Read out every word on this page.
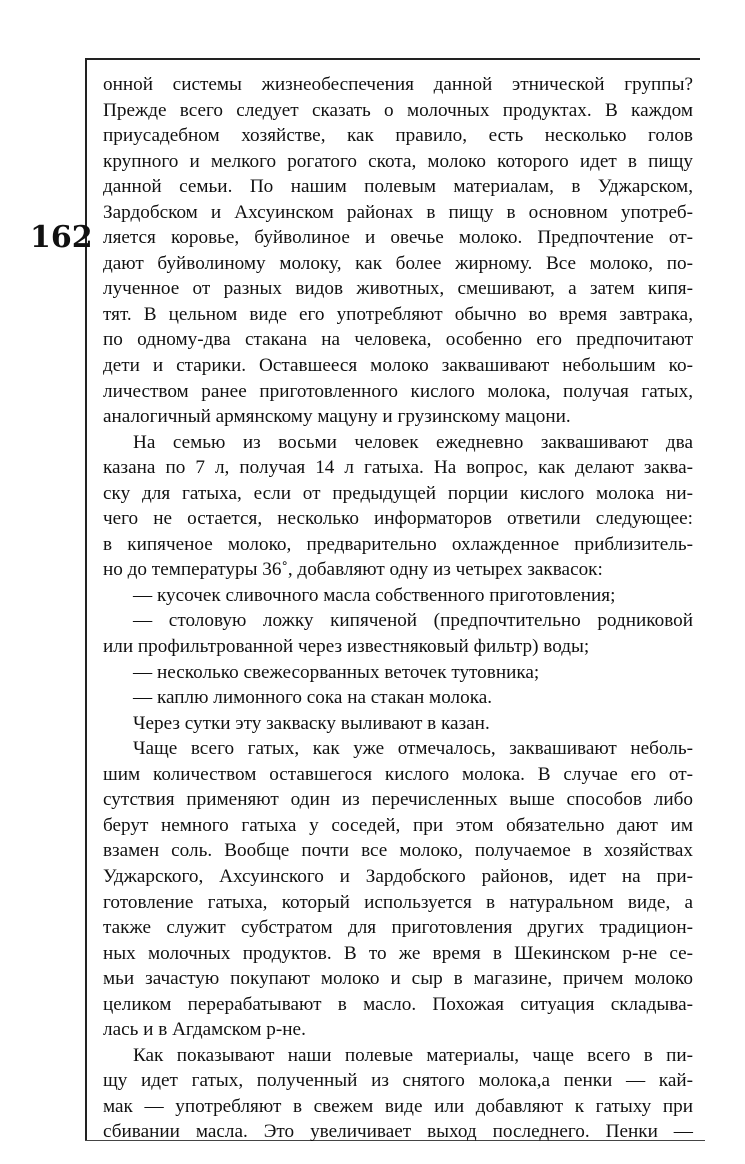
162

онной системы жизнеобеспечения данной этнической группы?

Прежде всего следует сказать о молочных продуктах. В каждом

приусадебном хозяйстве, как правило, есть несколько голов

крупного и мелкого рогатого скота, молоко которого идет в пищу

данной семьи. По нашим полевым материалам, в Уджарском,

Зардобском и Ахсуинском районах в пищу в основном употреб-

ляется коровье, буйволиное и овечье молоко. Предпочтение от-

дают буйволиному молоку, как более жирному. Все молоко, по-

лученное от разных видов животных, смешивают, а затем кипя-

тят. В цельном виде его употребляют обычно во время завтрака,

по одному-два стакана на человека, особенно его предпочитают

дети и старики. Оставшееся молоко заквашивают небольшим ко-

личеством ранее приготовленного кислого молока, получая гатых,

аналогичный армянскому мацуну и грузинскому мацони.

На семью из восьми человек ежедневно заквашивают два

казана по 7 л, получая 14 л гатыха. На вопрос, как делают заква-

ску для гатыха, если от предыдущей порции кислого молока ни-

чего не остается, несколько информаторов ответили следующее:

в кипяченое молоко, предварительно охлажденное приблизитель-

но до температуры 36˚, добавляют одну из четырех заквасок:

— кусочек сливочного масла собственного приготовления;

— столовую ложку кипяченой (предпочтительно родниковой

или профильтрованной через известняковый фильтр) воды;

— несколько свежесорванных веточек тутовника;

— каплю лимонного сока на стакан молока.

Через сутки эту закваску выливают в казан.

Чаще всего гатых, как уже отмечалось, заквашивают неболь-

шим количеством оставшегося кислого молока. В случае его от-

сутствия применяют один из перечисленных выше способов либо

берут немного гатыха у соседей, при этом обязательно дают им

взамен соль. Вообще почти все молоко, получаемое в хозяйствах

Уджарского, Ахсуинского и Зардобского районов, идет на при-

готовление гатыха, который используется в натуральном виде, а

также служит субстратом для приготовления других традицион-

ных молочных продуктов. В то же время в Шекинском р-не се-

мьи зачастую покупают молоко и сыр в магазине, причем молоко

целиком перерабатывают в масло. Похожая ситуация складыва-

лась и в Агдамском р-не.

Как показывают наши полевые материалы, чаще всего в пи-

щу идет гатых, полученный из снятого молока,а пенки — кай-

мак — употребляют в свежем виде или добавляют к гатыху при

сбивании масла. Это увеличивает выход последнего. Пенки —
